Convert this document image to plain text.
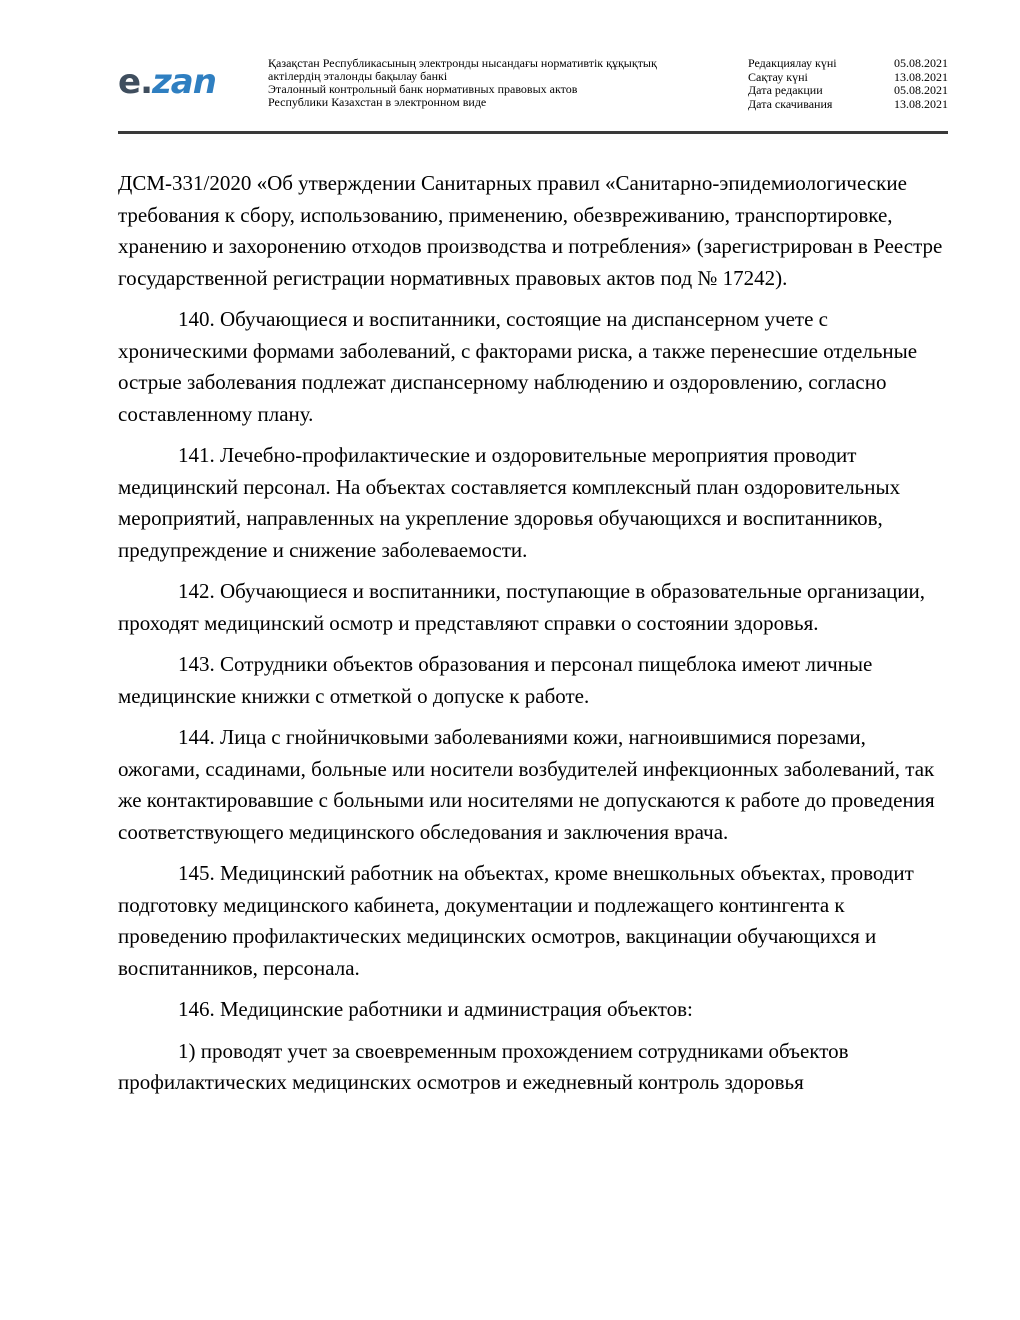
e.zan	Қазақстан Республикасының электронды нысандағы нормативтік құқықтық
актілердің эталонды бақылау банкі
Эталонный контрольный банк нормативных правовых актов
Республики Казахстан в электронном виде
Редакциялау күні	05.08.2021
Сақтау күні	13.08.2021
Дата редакции	05.08.2021
Дата скачивания	13.08.2021

ДСМ-331/2020 «Об утверждении Санитарных правил «Санитарно-эпидемиологические требования к сбору, использованию, применению, обезвреживанию, транспортировке, хранению и захоронению отходов производства и потребления» (зарегистрирован в Реестре государственной регистрации нормативных правовых актов под № 17242).

140. Обучающиеся и воспитанники, состоящие на диспансерном учете с хроническими формами заболеваний, с факторами риска, а также перенесшие отдельные острые заболевания подлежат диспансерному наблюдению и оздоровлению, согласно составленному плану.

141. Лечебно-профилактические и оздоровительные мероприятия проводит медицинский персонал. На объектах составляется комплексный план оздоровительных мероприятий, направленных на укрепление здоровья обучающихся и воспитанников, предупреждение и снижение заболеваемости.

142. Обучающиеся и воспитанники, поступающие в образовательные организации, проходят медицинский осмотр и представляют справки о состоянии здоровья.

143. Сотрудники объектов образования и персонал пищеблока имеют личные медицинские книжки с отметкой о допуске к работе.

144. Лица с гнойничковыми заболеваниями кожи, нагноившимися порезами, ожогами, ссадинами, больные или носители возбудителей инфекционных заболеваний, так же контактировавшие с больными или носителями не допускаются к работе до проведения соответствующего медицинского обследования и заключения врача.

145. Медицинский работник на объектах, кроме внешкольных объектах, проводит подготовку медицинского кабинета, документации и подлежащего контингента к проведению профилактических медицинских осмотров, вакцинации обучающихся и воспитанников, персонала.

146. Медицинские работники и администрация объектов:

1) проводят учет за своевременным прохождением сотрудниками объектов профилактических медицинских осмотров и ежедневный контроль здоровья
